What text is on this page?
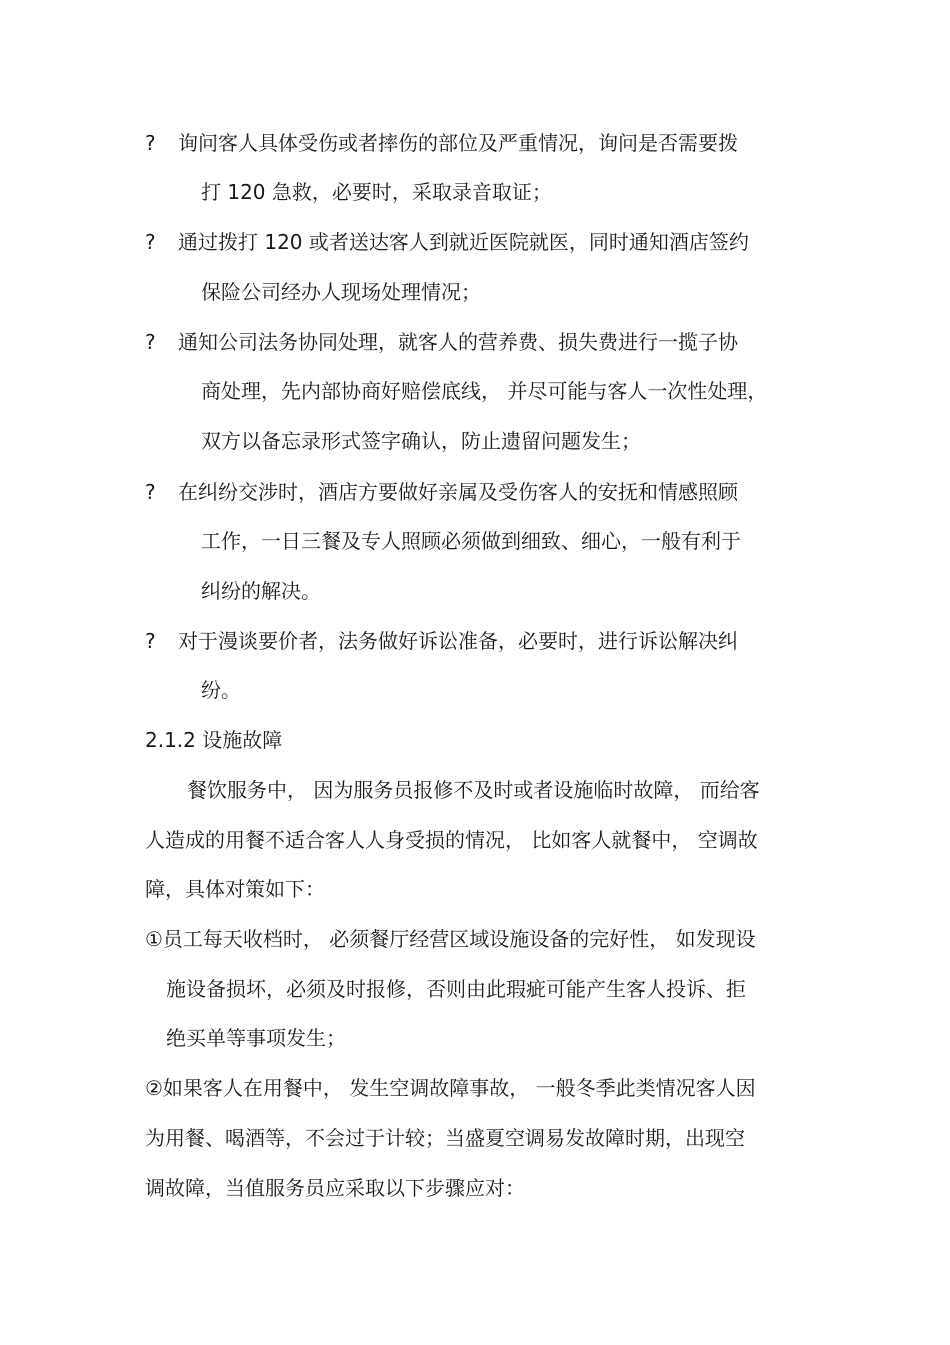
? 询问客人具体受伤或者摔伤的部位及严重情况，询问是否需要拨
打 120 急救，必要时，采取录音取证；
? 通过拨打 120 或者送达客人到就近医院就医，同时通知酒店签约
保险公司经办人现场处理情况；
? 通知公司法务协同处理，就客人的营养费、损失费进行一揽子协
商处理，先内部协商好赔偿底线， 并尽可能与客人一次性处理，
双方以备忘录形式签字确认，防止遗留问题发生；
? 在纠纷交涉时，酒店方要做好亲属及受伤客人的安抚和情感照顾
工作，一日三餐及专人照顾必须做到细致、细心，一般有利于
纠纷的解决。
? 对于漫谈要价者，法务做好诉讼准备，必要时，进行诉讼解决纠
纷。
2.1.2 设施故障
餐饮服务中， 因为服务员报修不及时或者设施临时故障， 而给客
人造成的用餐不适合客人人身受损的情况， 比如客人就餐中， 空调故
障，具体对策如下：
①员工每天收档时， 必须餐厅经营区域设施设备的完好性， 如发现设
施设备损坏，必须及时报修，否则由此瑕疵可能产生客人投诉、拒
绝买单等事项发生；
②如果客人在用餐中， 发生空调故障事故， 一般冬季此类情况客人因
为用餐、喝酒等，不会过于计较；当盛夏空调易发故障时期，出现空
调故障，当值服务员应采取以下步骤应对：
